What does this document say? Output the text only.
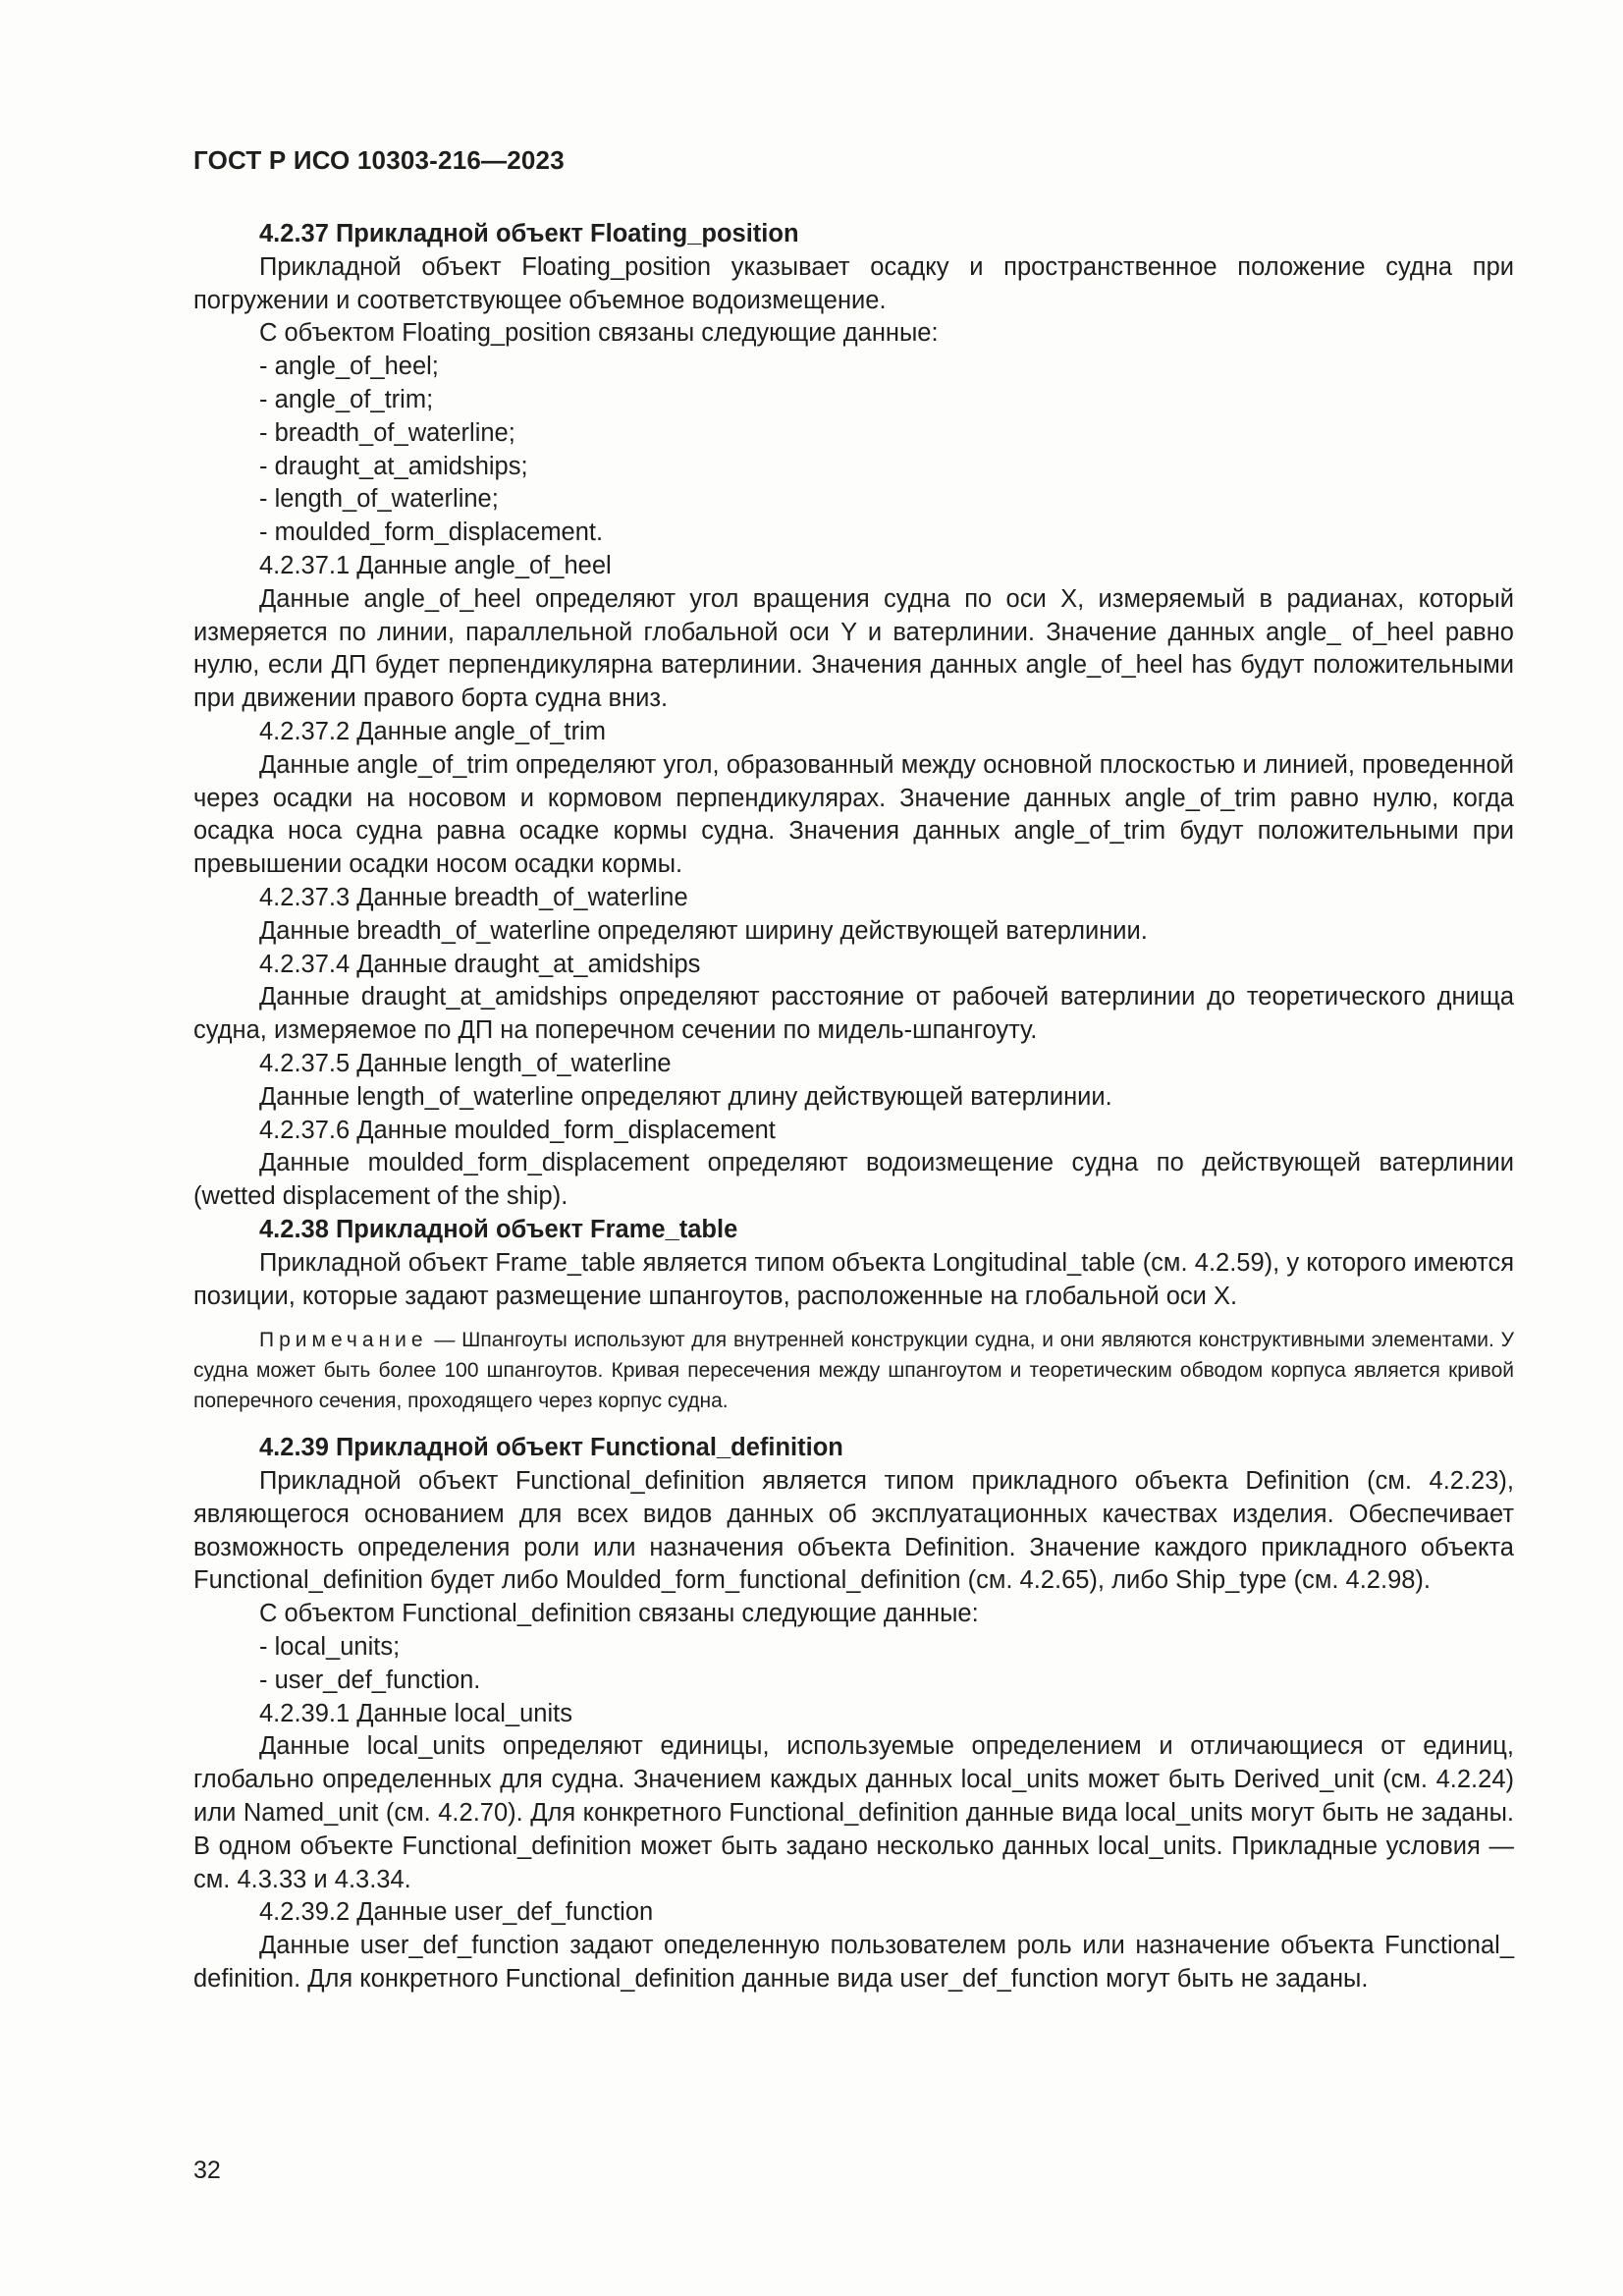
ГОСТ Р ИСО 10303-216—2023

4.2.37 Прикладной объект Floating_position

Прикладной объект Floating_position указывает осадку и пространственное положение судна при погружении и соответствующее объемное водоизмещение.

С объектом Floating_position связаны следующие данные:

- angle_of_heel;

- angle_of_trim;

- breadth_of_waterline;

- draught_at_amidships;

- length_of_waterline;

- moulded_form_displacement.

4.2.37.1 Данные angle_of_heel

Данные angle_of_heel определяют угол вращения судна по оси X, измеряемый в радианах, который измеряется по линии, параллельной глобальной оси Y и ватерлинии. Значение данных angle_ of_heel равно нулю, если ДП будет перпендикулярна ватерлинии. Значения данных angle_of_heel has будут положительными при движении правого борта судна вниз.

4.2.37.2 Данные angle_of_trim

Данные angle_of_trim определяют угол, образованный между основной плоскостью и линией, проведенной через осадки на носовом и кормовом перпендикулярах. Значение данных angle_of_trim равно нулю, когда осадка носа судна равна осадке кормы судна. Значения данных angle_of_trim будут положительными при превышении осадки носом осадки кормы.

4.2.37.3 Данные breadth_of_waterline

Данные breadth_of_waterline определяют ширину действующей ватерлинии.

4.2.37.4 Данные draught_at_amidships

Данные draught_at_amidships определяют расстояние от рабочей ватерлинии до теоретического днища судна, измеряемое по ДП на поперечном сечении по мидель-шпангоуту.

4.2.37.5 Данные length_of_waterline

Данные length_of_waterline определяют длину действующей ватерлинии.

4.2.37.6 Данные moulded_form_displacement

Данные moulded_form_displacement определяют водоизмещение судна по действующей ватерлинии (wetted displacement of the ship).

4.2.38 Прикладной объект Frame_table

Прикладной объект Frame_table является типом объекта Longitudinal_table (см. 4.2.59), у которого имеются позиции, которые задают размещение шпангоутов, расположенные на глобальной оси X.

Примечание — Шпангоуты используют для внутренней конструкции судна, и они являются конструктивными элементами. У судна может быть более 100 шпангоутов. Кривая пересечения между шпангоутом и теоретическим обводом корпуса является кривой поперечного сечения, проходящего через корпус судна.

4.2.39 Прикладной объект Functional_definition

Прикладной объект Functional_definition является типом прикладного объекта Definition (см. 4.2.23), являющегося основанием для всех видов данных об эксплуатационных качествах изделия. Обеспечивает возможность определения роли или назначения объекта Definition. Значение каждого прикладного объекта Functional_definition будет либо Moulded_form_functional_definition (см. 4.2.65), либо Ship_type (см. 4.2.98).

С объектом Functional_definition связаны следующие данные:

- local_units;

- user_def_function.

4.2.39.1 Данные local_units

Данные local_units определяют единицы, используемые определением и отличающиеся от единиц, глобально определенных для судна. Значением каждых данных local_units может быть Derived_unit (см. 4.2.24) или Named_unit (см. 4.2.70). Для конкретного Functional_definition данные вида local_units могут быть не заданы. В одном объекте Functional_definition может быть задано несколько данных local_units. Прикладные условия — см. 4.3.33 и 4.3.34.

4.2.39.2 Данные user_def_function

Данные user_def_function задают опеделенную пользователем роль или назначение объекта Functional_ definition. Для конкретного Functional_definition данные вида user_def_function могут быть не заданы.

32
